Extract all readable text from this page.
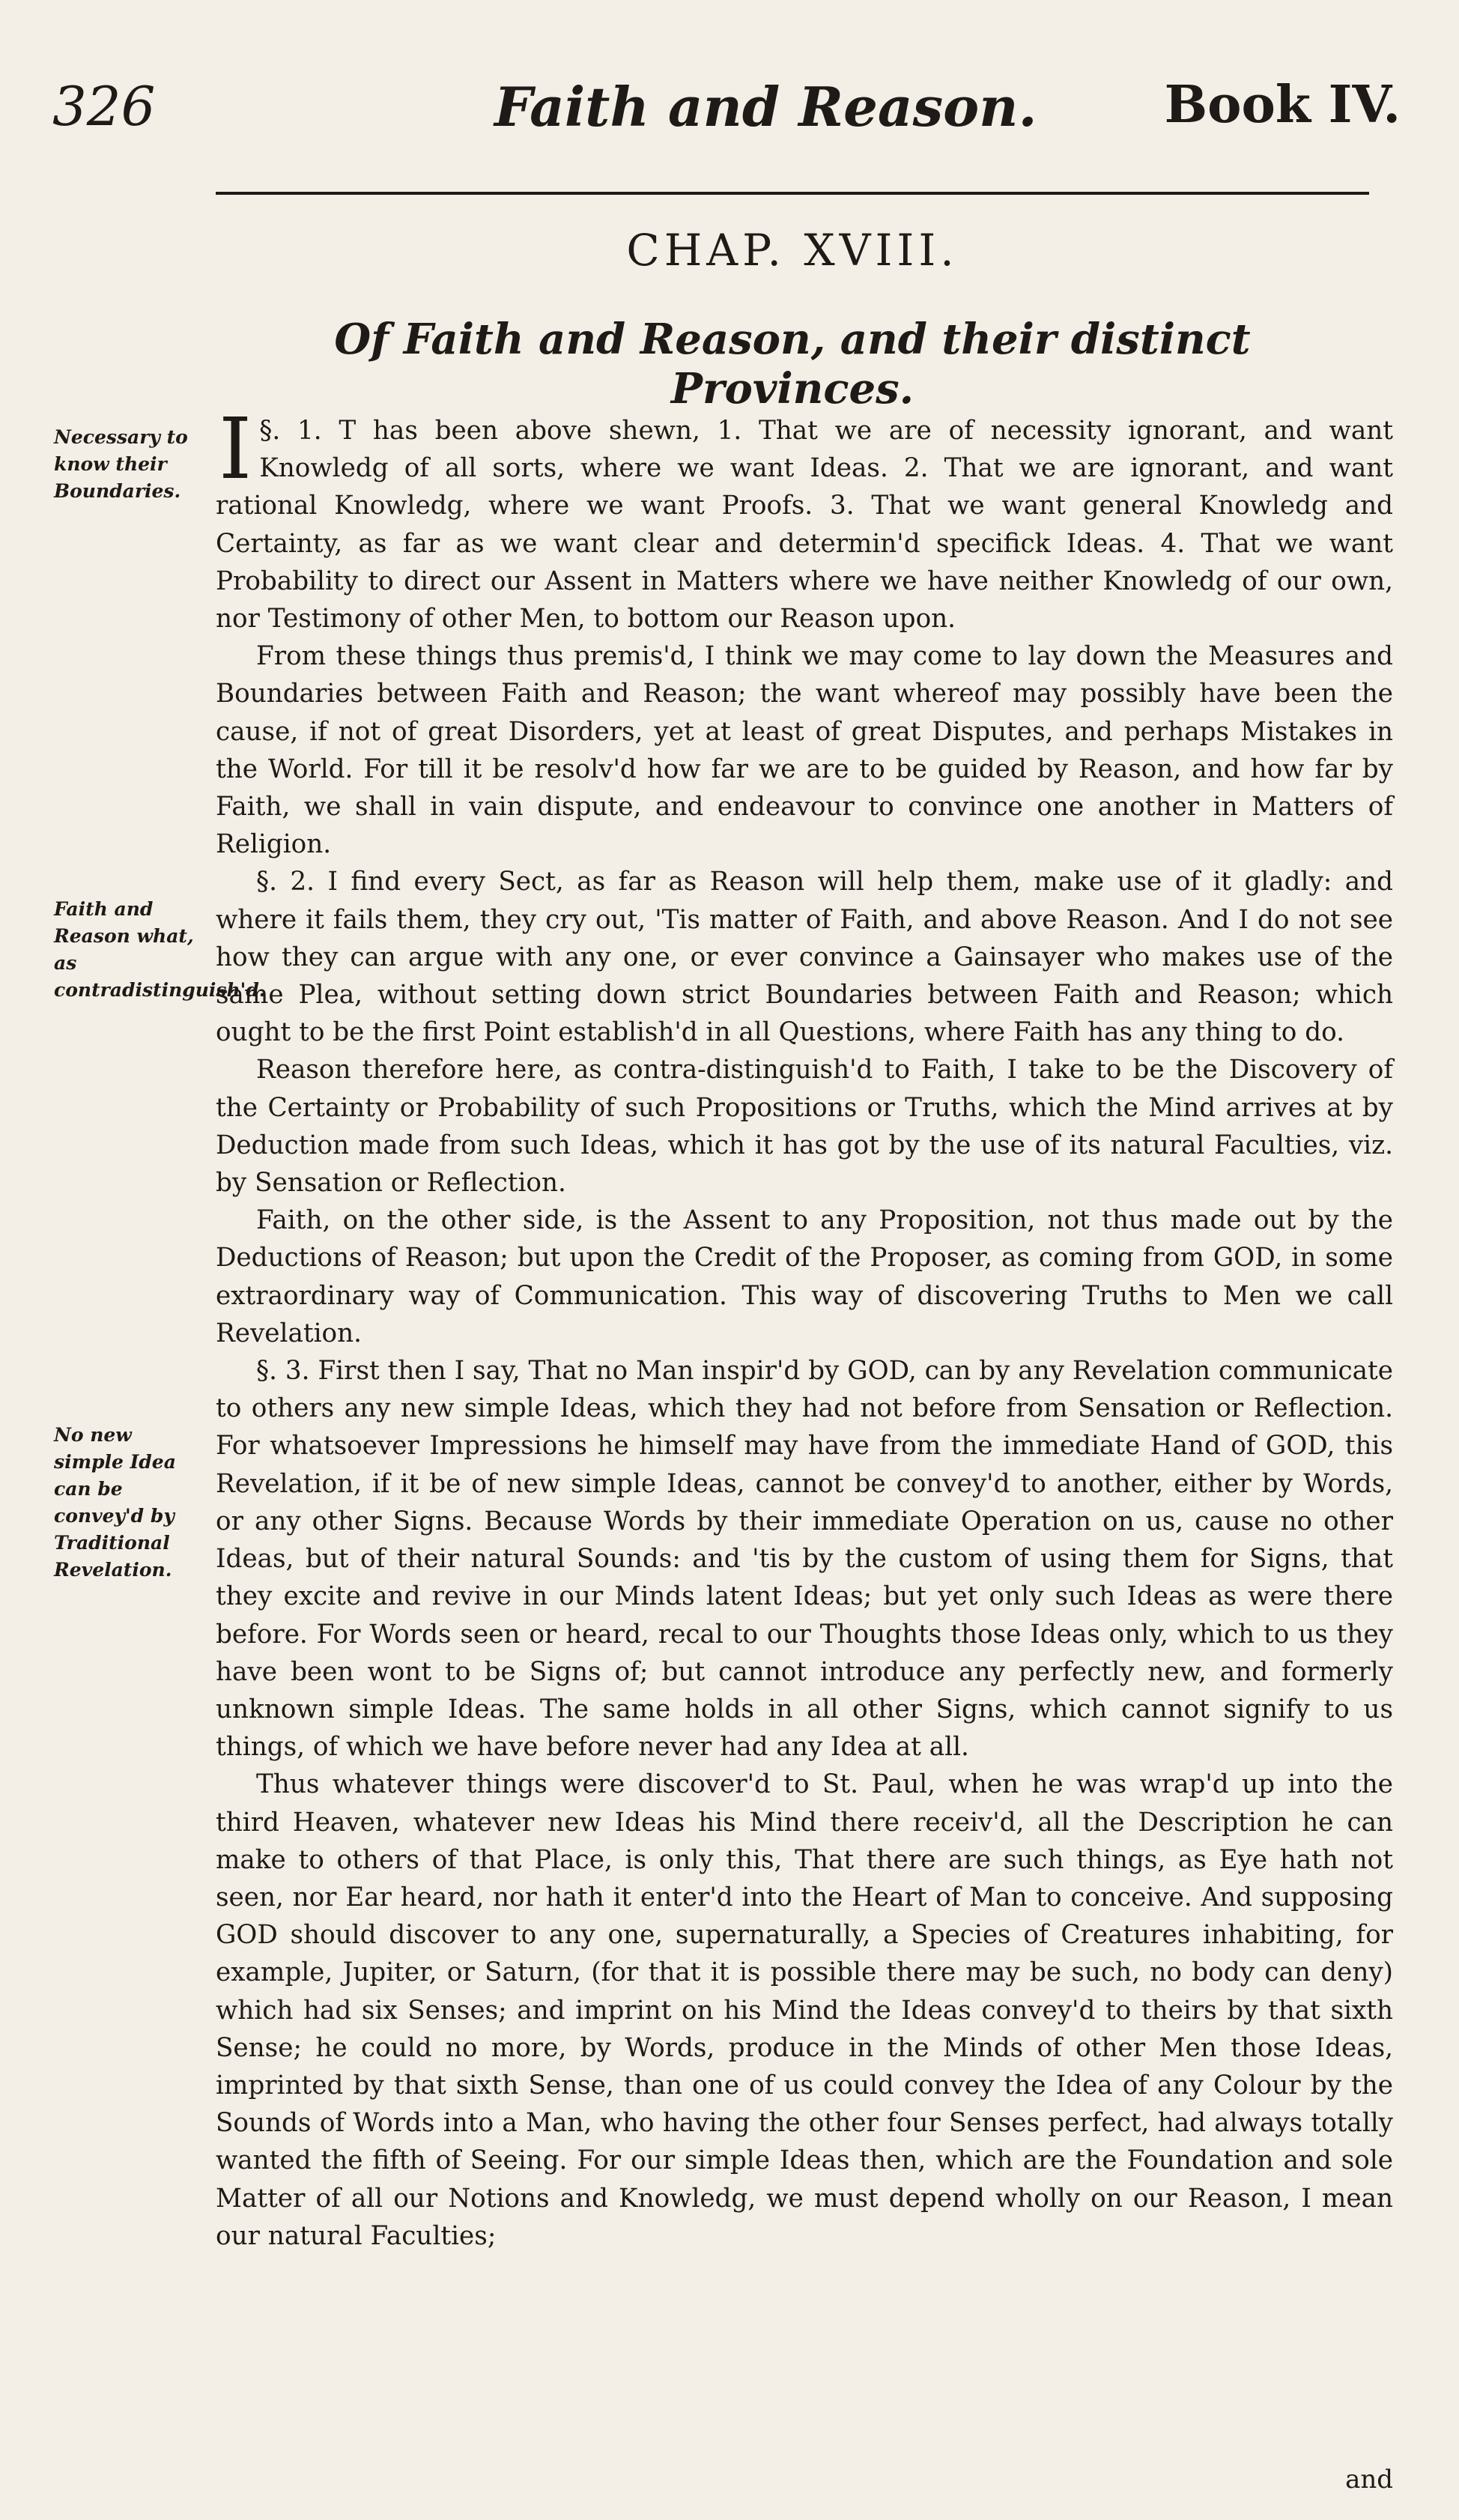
326	Faith and Reason.	Book IV.
CHAP. XVIII.
Of Faith and Reason, and their distinct Provinces.
Necessary to know their Boundaries.
Faith and Reason what, as contradistinguish'd.
No new simple Idea can be convey'd by Traditional Revelation.

§. 1.
I	T has been above shewn, 1. That we are of necessity ignorant, and want Knowledg of all sorts, where we want Ideas. 2. That we are ignorant, and want rational Knowledg, where we want Proofs. 3. That we want general Knowledg and Certainty, as far as we want clear and determin'd specifick Ideas. 4. That we want Probability to direct our Assent in Matters where we have neither Knowledg of our own, nor Testimony of other Men, to bottom our Reason upon.

From these things thus premis'd, I think we may come to lay down the Measures and Boundaries between Faith and Reason; the want whereof may possibly have been the cause, if not of great Disorders, yet at least of great Disputes, and perhaps Mistakes in the World. For till it be resolv'd how far we are to be guided by Reason, and how far by Faith, we shall in vain dispute, and endeavour to convince one another in Matters of Religion.

§. 2. I find every Sect, as far as Reason will help them, make use of it gladly: and where it fails them, they cry out, 'Tis matter of Faith, and above Reason. And I do not see how they can argue with any one, or ever convince a Gainsayer who makes use of the same Plea, without setting down strict Boundaries between Faith and Reason; which ought to be the first Point establish'd in all Questions, where Faith has any thing to do.

Reason therefore here, as contra-distinguish'd to Faith, I take to be the Discovery of the Certainty or Probability of such Propositions or Truths, which the Mind arrives at by Deduction made from such Ideas, which it has got by the use of its natural Faculties, viz. by Sensation or Reflection.

Faith, on the other side, is the Assent to any Proposition, not thus made out by the Deductions of Reason; but upon the Credit of the Proposer, as coming from GOD, in some extraordinary way of Communication. This way of discovering Truths to Men we call Revelation.

§. 3. First then I say, That no Man inspir'd by GOD, can by any Revelation communicate to others any new simple Ideas, which they had not before from Sensation or Reflection. For whatsoever Impressions he himself may have from the immediate Hand of GOD, this Revelation, if it be of new simple Ideas, cannot be convey'd to another, either by Words, or any other Signs. Because Words by their immediate Operation on us, cause no other Ideas, but of their natural Sounds: and 'tis by the custom of using them for Signs, that they excite and revive in our Minds latent Ideas; but yet only such Ideas as were there before. For Words seen or heard, recal to our Thoughts those Ideas only, which to us they have been wont to be Signs of; but cannot introduce any perfectly new, and formerly unknown simple Ideas. The same holds in all other Signs, which cannot signify to us things, of which we have before never had any Idea at all.

Thus whatever things were discover'd to St. Paul, when he was wrap'd up into the third Heaven, whatever new Ideas his Mind there receiv'd, all the Description he can make to others of that Place, is only this, That there are such things, as Eye hath not seen, nor Ear heard, nor hath it enter'd into the Heart of Man to conceive. And supposing GOD should discover to any one, supernaturally, a Species of Creatures inhabiting, for example, Jupiter, or Saturn, (for that it is possible there may be such, no body can deny) which had six Senses; and imprint on his Mind the Ideas convey'd to theirs by that sixth Sense; he could no more, by Words, produce in the Minds of other Men those Ideas, imprinted by that sixth Sense, than one of us could convey the Idea of any Colour by the Sounds of Words into a Man, who having the other four Senses perfect, had always totally wanted the fifth of Seeing. For our simple Ideas then, which are the Foundation and sole Matter of all our Notions and Knowledg, we must depend wholly on our Reason, I mean our natural Faculties;

and
